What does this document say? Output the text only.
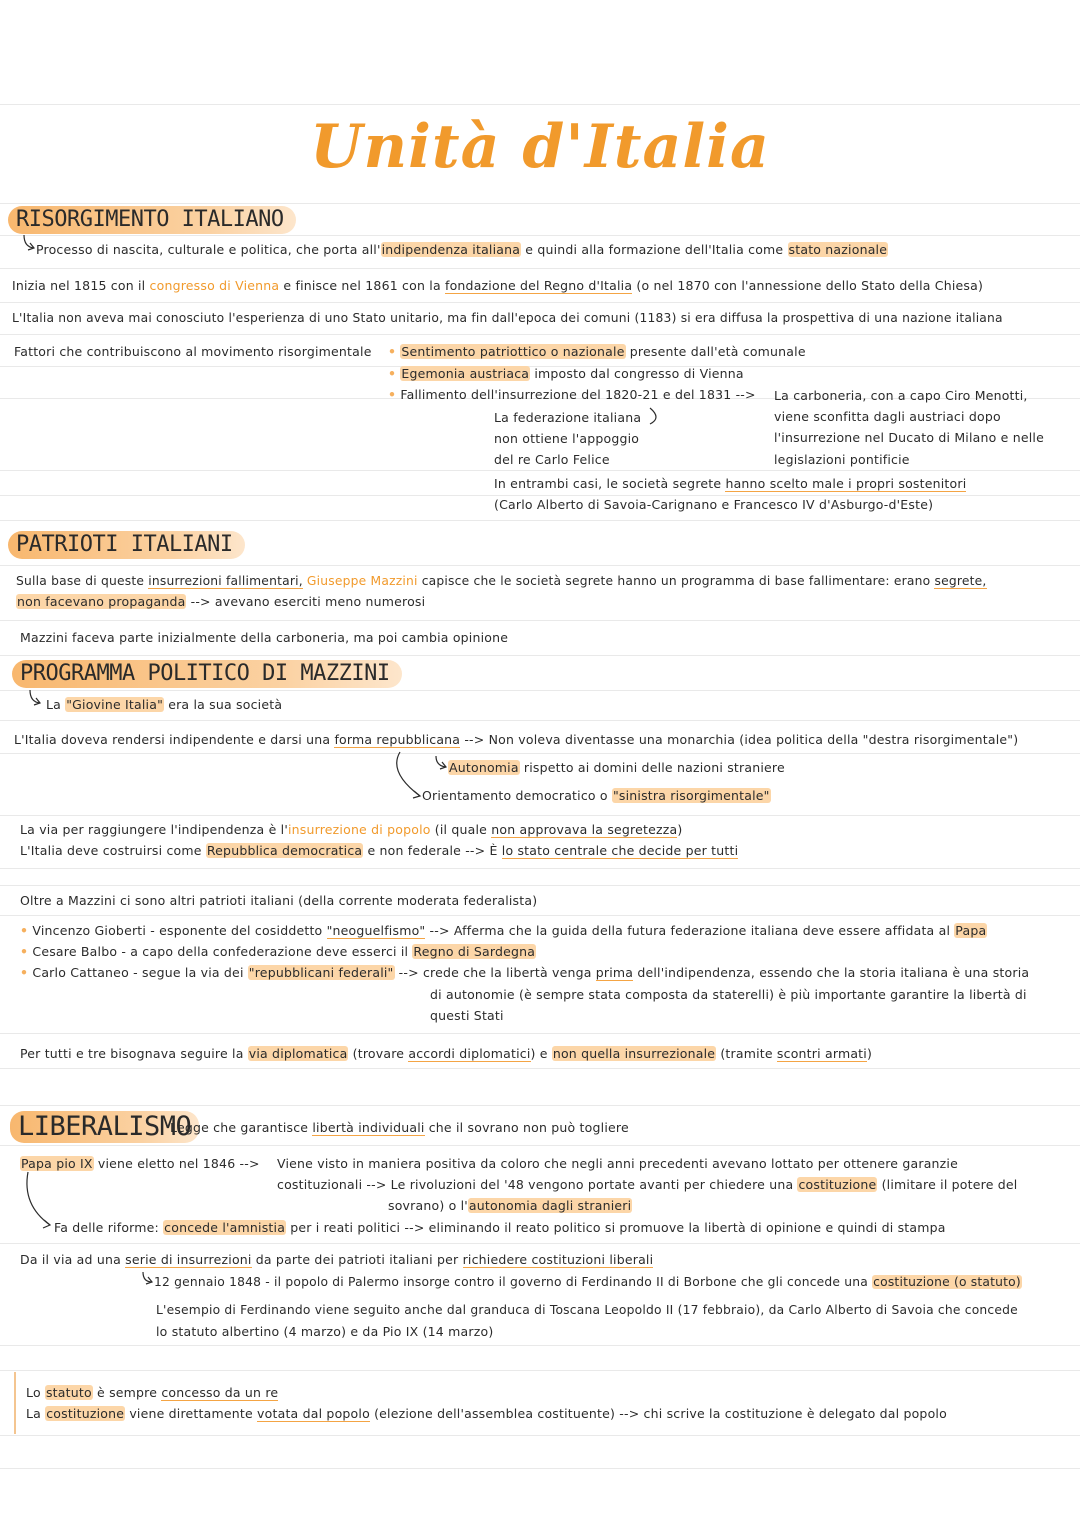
Unità d'Italia
RISORGIMENTO ITALIANO
Processo di nascita, culturale e politica, che porta all'indipendenza italiana e quindi alla formazione dell'Italia come stato nazionale
Inizia nel 1815 con il congresso di Vienna e finisce nel 1861 con la fondazione del Regno d'Italia (o nel 1870 con l'annessione dello Stato della Chiesa)
L'Italia non aveva mai conosciuto l'esperienza di uno Stato unitario, ma fin dall'epoca dei comuni (1183) si era diffusa la prospettiva di una nazione italiana
Fattori che contribuiscono al movimento risorgimentale • Sentimento patriottico o nazionale presente dall'età comunale
• Egemonia austriaca imposto dal congresso di Vienna
• Fallimento dell'insurrezione del 1820-21 e del 1831 -->
La federazione italiana
non ottiene l'appoggio
del re Carlo Felice
La carboneria, con a capo Ciro Menotti,
viene sconfitta dagli austriaci dopo
l'insurrezione nel Ducato di Milano e nelle
legislazioni pontificie
In entrambi casi, le società segrete hanno scelto male i propri sostenitori
(Carlo Alberto di Savoia-Carignano e Francesco IV d'Asburgo-d'Este)
PATRIOTI ITALIANI
Sulla base di queste insurrezioni fallimentari, Giuseppe Mazzini capisce che le società segrete hanno un programma di base fallimentare: erano segrete,
non facevano propaganda --> avevano eserciti meno numerosi
Mazzini faceva parte inizialmente della carboneria, ma poi cambia opinione
PROGRAMMA POLITICO DI MAZZINI
La "Giovine Italia" era la sua società
L'Italia doveva rendersi indipendente e darsi una forma repubblicana --> Non voleva diventasse una monarchia (idea politica della "destra risorgimentale")
Autonomia rispetto ai domini delle nazioni straniere
Orientamento democratico o "sinistra risorgimentale"
La via per raggiungere l'indipendenza è l'insurrezione di popolo (il quale non approvava la segretezza)
L'Italia deve costruirsi come Repubblica democratica e non federale --> È lo stato centrale che decide per tutti
Oltre a Mazzini ci sono altri patrioti italiani (della corrente moderata federalista)
• Vincenzo Gioberti - esponente del cosiddetto "neoguelfismo" --> Afferma che la guida della futura federazione italiana deve essere affidata al Papa
• Cesare Balbo - a capo della confederazione deve esserci il Regno di Sardegna
• Carlo Cattaneo - segue la via dei "repubblicani federali" --> crede che la libertà venga prima dell'indipendenza, essendo che la storia italiana è una storia
di autonomie (è sempre stata composta da staterelli) è più importante garantire la libertà di
questi Stati
Per tutti e tre bisognava seguire la via diplomatica (trovare accordi diplomatici) e non quella insurrezionale (tramite scontri armati)
LIBERALISMO
Legge che garantisce libertà individuali che il sovrano non può togliere
Papa pio IX viene eletto nel 1846 --> Viene visto in maniera positiva da coloro che negli anni precedenti avevano lottato per ottenere garanzie
costituzionali --> Le rivoluzioni del '48 vengono portate avanti per chiedere una costituzione (limitare il potere del
sovrano) o l'autonomia dagli stranieri
Fa delle riforme: concede l'amnistia per i reati politici --> eliminando il reato politico si promuove la libertà di opinione e quindi di stampa
Da il via ad una serie di insurrezioni da parte dei patrioti italiani per richiedere costituzioni liberali
12 gennaio 1848 - il popolo di Palermo insorge contro il governo di Ferdinando II di Borbone che gli concede una costituzione (o statuto)
L'esempio di Ferdinando viene seguito anche dal granduca di Toscana Leopoldo II (17 febbraio), da Carlo Alberto di Savoia che concede
lo statuto albertino (4 marzo) e da Pio IX (14 marzo)
Lo statuto è sempre concesso da un re
La costituzione viene direttamente votata dal popolo (elezione dell'assemblea costituente) --> chi scrive la costituzione è delegato dal popolo
